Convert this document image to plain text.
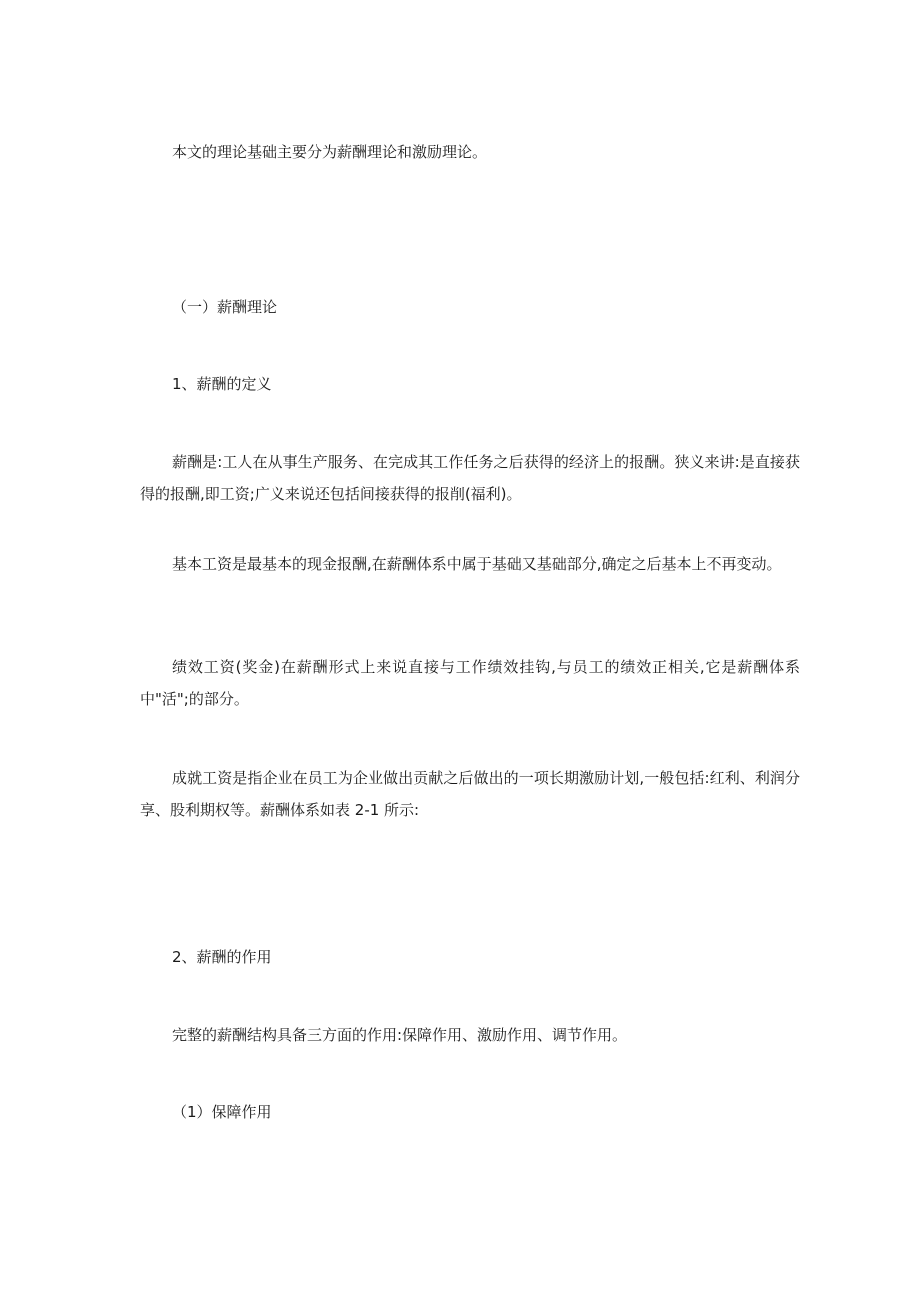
本文的理论基础主要分为薪酬理论和激励理论。
（一）薪酬理论
1、薪酬的定义
薪酬是:工人在从事生产服务、在完成其工作任务之后获得的经济上的报酬。狭义来讲:是直接获得的报酬,即工资;广义来说还包括间接获得的报削(福利)。
基本工资是最基本的现金报酬,在薪酬体系中属于基础又基础部分,确定之后基本上不再变动。
绩效工资(奖金)在薪酬形式上来说直接与工作绩效挂钩,与员工的绩效正相关,它是薪酬体系中"活";的部分。
成就工资是指企业在员工为企业做出贡献之后做出的一项长期激励计划,一般包括:红利、利润分享、股利期权等。薪酬体系如表 2-1 所示:
2、薪酬的作用
完整的薪酬结构具备三方面的作用:保障作用、激励作用、调节作用。
（1）保障作用
